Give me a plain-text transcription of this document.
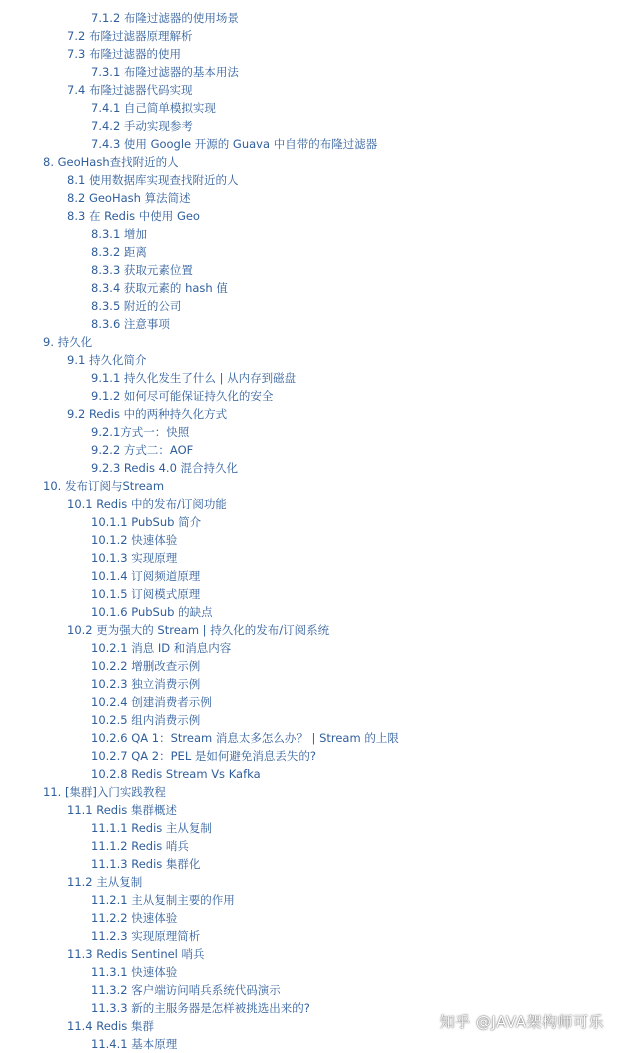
7.1.2 布隆过滤器的使用场景
7.2 布隆过滤器原理解析
7.3 布隆过滤器的使用
7.3.1 布隆过滤器的基本用法
7.4 布隆过滤器代码实现
7.4.1 自己简单模拟实现
7.4.2 手动实现参考
7.4.3 使用 Google 开源的 Guava 中自带的布隆过滤器
8. GeoHash查找附近的人
8.1 使用数据库实现查找附近的人
8.2 GeoHash 算法简述
8.3 在 Redis 中使用 Geo
8.3.1 增加
8.3.2 距离
8.3.3 获取元素位置
8.3.4 获取元素的 hash 值
8.3.5 附近的公司
8.3.6 注意事项
9. 持久化
9.1 持久化简介
9.1.1 持久化发生了什么 | 从内存到磁盘
9.1.2 如何尽可能保证持久化的安全
9.2 Redis 中的两种持久化方式
9.2.1方式一：快照
9.2.2 方式二：AOF
9.2.3 Redis 4.0 混合持久化
10. 发布订阅与Stream
10.1 Redis 中的发布/订阅功能
10.1.1 PubSub 简介
10.1.2 快速体验
10.1.3 实现原理
10.1.4 订阅频道原理
10.1.5 订阅模式原理
10.1.6 PubSub 的缺点
10.2 更为强大的 Stream | 持久化的发布/订阅系统
10.2.1 消息 ID 和消息内容
10.2.2 增删改查示例
10.2.3 独立消费示例
10.2.4 创建消费者示例
10.2.5 组内消费示例
10.2.6 QA 1：Stream 消息太多怎么办？ | Stream 的上限
10.2.7 QA 2：PEL 是如何避免消息丢失的?
10.2.8 Redis Stream Vs Kafka
11. [集群]入门实践教程
11.1 Redis 集群概述
11.1.1 Redis 主从复制
11.1.2 Redis 哨兵
11.1.3 Redis 集群化
11.2 主从复制
11.2.1 主从复制主要的作用
11.2.2 快速体验
11.2.3 实现原理简析
11.3 Redis Sentinel 哨兵
11.3.1 快速体验
11.3.2 客户端访问哨兵系统代码演示
11.3.3 新的主服务器是怎样被挑选出来的?
11.4 Redis 集群
11.4.1 基本原理
知乎 @JAVA架构师可乐
